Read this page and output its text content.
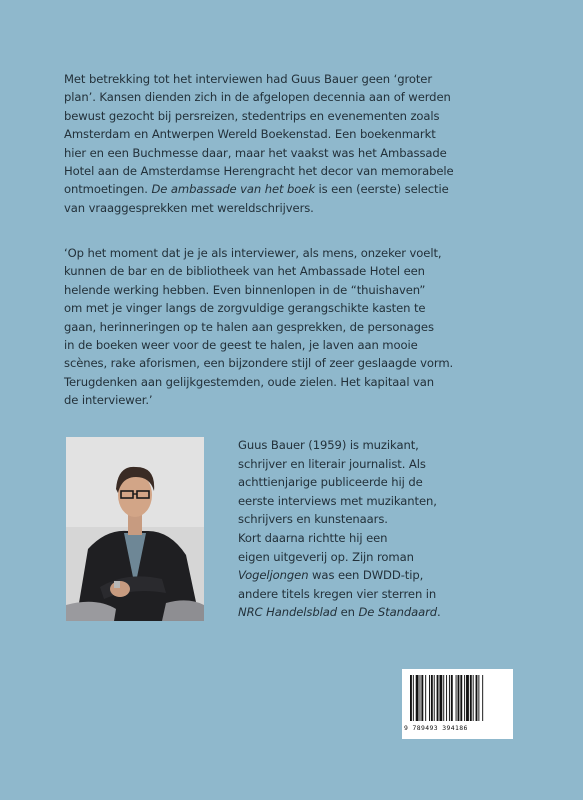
Met betrekking tot het interviewen had Guus Bauer geen ‘groter

plan’. Kansen dienden zich in de afgelopen decennia aan of werden

bewust gezocht bij persreizen, stedentrips en evenementen zoals

Amsterdam en Antwerpen Wereld Boekenstad. Een boekenmarkt

hier en een Buchmesse daar, maar het vaakst was het Ambassade

Hotel aan de Amsterdamse Herengracht het decor van memorabele

ontmoetingen. De ambassade van het boek is een (eerste) selectie

van vraaggesprekken met wereldschrijvers.

‘Op het moment dat je je als interviewer, als mens, onzeker voelt,

kunnen de bar en de bibliotheek van het Ambassade Hotel een

helende werking hebben. Even binnenlopen in de “thuishaven”

om met je vinger langs de zorgvuldige gerangschikte kasten te

gaan, herinneringen op te halen aan gesprekken, de personages

in de boeken weer voor de geest te halen, je laven aan mooie

scènes, rake aforismen, een bijzondere stijl of zeer geslaagde vorm.

Terugdenken aan gelijkgestemden, oude zielen. Het kapitaal van

de interviewer.’

Guus Bauer (1959) is muzikant,

schrijver en literair journalist. Als

achttienjarige publiceerde hij de

eerste interviews met muzikanten,

schrijvers en kunstenaars.

Kort daarna richtte hij een

eigen uitgeverij op. Zijn roman

Vogeljongen was een DWDD-tip,

andere titels kregen vier sterren in

NRC Handelsblad en De Standaard.

9 789493 394186
